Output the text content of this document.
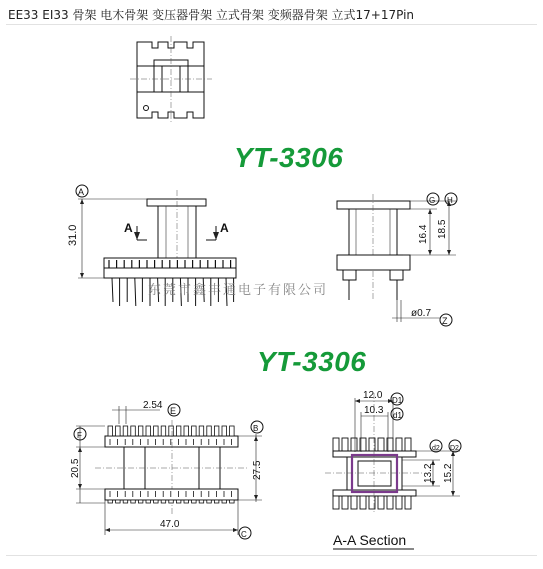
EE33 EI33 骨架 电木骨架 变压器骨架 立式骨架 变频器骨架 立式17+17Pin
YT-3306
YT-3306
A	A
31.0
A
16.4 18.5
G H
ø0.7
Z
2.54 E
20.5
F
27.5
B
47.0
C
12.0
10.3
D1
d1
13.2 15.2
d2 D2
A-A Section
东莞市鑫丰通电子有限公司
